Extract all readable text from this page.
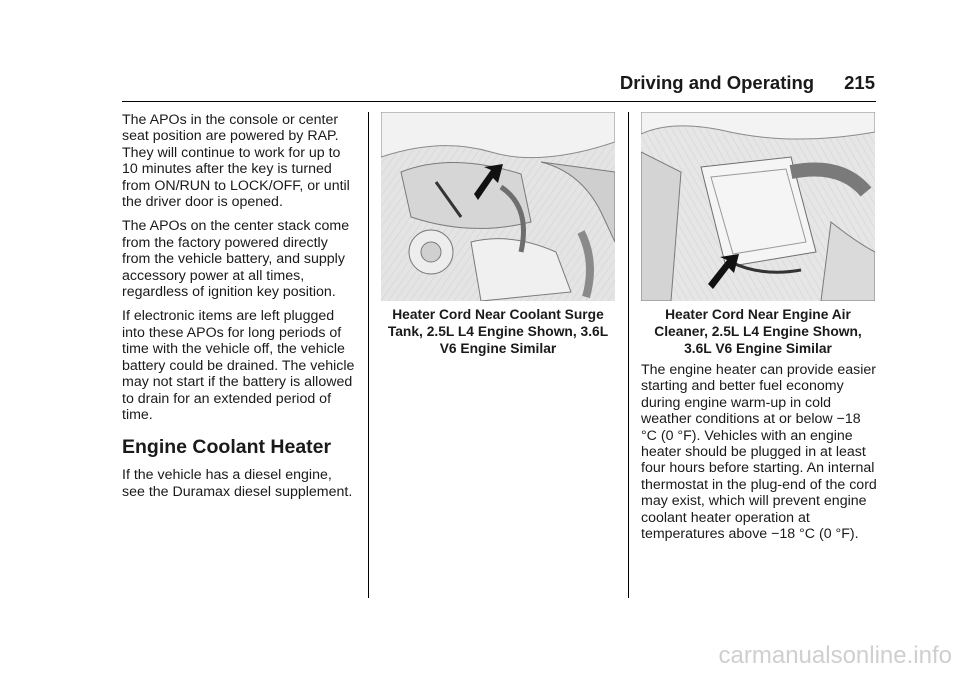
Driving and Operating 215

The APOs in the console or center seat position are powered by RAP. They will continue to work for up to 10 minutes after the key is turned from ON/RUN to LOCK/OFF, or until the driver door is opened.

The APOs on the center stack come from the factory powered directly from the vehicle battery, and supply accessory power at all times, regardless of ignition key position.

If electronic items are left plugged into these APOs for long periods of time with the vehicle off, the vehicle battery could be drained. The vehicle may not start if the battery is allowed to drain for an extended period of time.

Engine Coolant Heater

If the vehicle has a diesel engine, see the Duramax diesel supplement.

Heater Cord Near Coolant Surge
Tank, 2.5L L4 Engine Shown, 3.6L
V6 Engine Similar
Heater Cord Near Engine Air
Cleaner, 2.5L L4 Engine Shown,
3.6L V6 Engine Similar

The engine heater can provide easier starting and better fuel economy during engine warm-up in cold weather conditions at or below −18 °C (0 °F). Vehicles with an engine heater should be plugged in at least four hours before starting. An internal thermostat in the plug-end of the cord may exist, which will prevent engine coolant heater operation at temperatures above −18 °C (0 °F).

carmanualsonline.info
